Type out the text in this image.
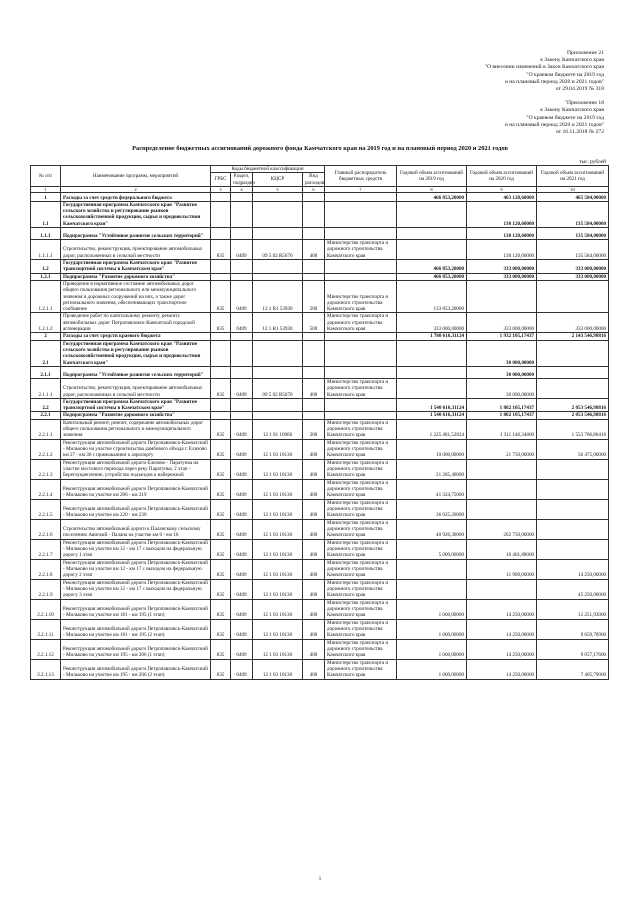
Приложение 21
к Закону Камчатского края
"О внесении изменений в Закон Камчатского края
"О краевом бюджете на 2019 год
и на плановый период 2020 и 2021 годов"
от 29.04.2019 № 318
"Приложение 18
к Закону Камчатского края
"О краевом бюджете на 2019 год
и на плановый период 2020 и 2021 годов"
от 16.11.2018 № 272
Распределение бюджетных ассигнований дорожного фонда Камчатского края на 2019 год и на плановый период 2020 и 2021 годов
тыс. рублей
№ п/п	Наименование программ, мероприятий	Коды бюджетной классификации				Главный распорядитель бюджетных средств	Годовой объем ассигнований на 2019 год	Годовой объем ассигнований на 2020 год	Годовой объем ассигнований на 2021 год
		ГРБС	Раздел, подраздел	КЦСР	Вид расходов				
1	2	3	4	5	6	7	8	9	10
1	Расходы за счет средств федерального бюджета						466 853,20000	463 120,60000	465 584,00000
1.1	Государственная программа Камчатского края "Развитие сельского хозяйства и регулирование рынков сельскохозяйственной продукции, сырья и продовольствия Камчатского края"							130 120,60000	135 584,00000
1.1.1	Подпрограмма "Устойчивое развитие сельских территорий"							130 120,60000	135 584,00000
1.1.1.1	Строительство, реконструкция, проектирование автомобильных дорог, расположенных в сельской местности	835	0409	09 5 02 R5670	400	Министерство транспорта и дорожного строительства Камчатского края		130 120,60000	135 584,00000
1.2	Государственная программа Камчатского края "Развитие транспортной системы в Камчатском крае"						466 853,20000	333 000,00000	333 000,00000
1.2.1	Подпрограмма "Развитие дорожного хозяйства"						466 853,20000	333 000,00000	333 000,00000
1.2.1.1	Приведение в нормативное состояние автомобильных дорог общего пользования регионального или межмуниципального значения и дорожных сооружений на них, а также дорог регионального значения, обеспечивающих транспортное сообщение	835	0409	12 1 R1 53930	200	Министерство транспорта и дорожного строительства Камчатского края	133 853,20000		
1.2.1.2	Проведение работ по капитальному ремонту, ремонту автомобильных дорог Петропавловск-Камчатской городской агломерации	835	0409	12 1 R1 53930	500	Министерство транспорта и дорожного строительства Камчатского края	333 000,00000	333 000,00000	333 000,00000
2	Расходы за счет средств краевого бюджета						1 780 616,31124	1 932 105,17437	2 143 546,98816
2.1	Государственная программа Камчатского края "Развитие сельского хозяйства и регулирование рынков сельскохозяйственной продукции, сырья и продовольствия Камчатского края"							30 000,00000	
2.1.1	Подпрограмма "Устойчивое развитие сельских территорий"							30 000,00000	
2.1.1.1	Строительство, реконструкция, проектирование автомобильных дорог, расположенных в сельской местности	835	0409	09 5 02 R5670	400	Министерство транспорта и дорожного строительства Камчатского края		30 000,00000	
2.2	Государственная программа Камчатского края "Развитие транспортной системы в Камчатском крае"						1 540 616,31124	1 802 105,17437	2 053 546,98816
2.2.1	Подпрограмма "Развитие дорожного хозяйства"						1 540 616,31124	1 802 105,17437	2 053 546,98816
2.2.1.1	Капитальный ремонт, ремонт, содержание автомобильных дорог общего пользования регионального и межмуниципального значения	835	0409	12 1 01 10960	200	Министерство транспорта и дорожного строительства Камчатского края	1 225 481,52824	1 311 146,34800	1 553 786,86416
2.2.1.2	Реконструкция автомобильной дороги Петропавловск-Камчатский - Мильково на участке строительства дамбового обхода г. Елизово км 27 - км 30 с примыканием к аэропорту	835	0409	12 1 03 10130	400	Министерство транспорта и дорожного строительства Камчатского края	10 000,00000	21 750,00000	56 475,00000
2.2.1.3	Реконструкция автомобильной дороги Елизово - Паратунка на участке мостового перехода через реку Паратунка, 2 этап - Берегоукрепление, устройство подъездов к набережной	835	0409	12 1 03 10130	400	Министерство транспорта и дорожного строительства Камчатского края	21 285,40000		
2.2.1.4	Реконструкция автомобильной дороги Петропавловск-Камчатский - Мильково на участке км 206 - км 219	835	0409	12 1 03 10130	400	Министерство транспорта и дорожного строительства Камчатского края	41 324,75000		
2.2.1.5	Реконструкция автомобильной дороги Петропавловск-Камчатский - Мильково на участке км 220 - км 230	835	0409	12 1 03 10130	400	Министерство транспорта и дорожного строительства Камчатского края	36 025,20000		
2.2.1.6	Строительство автомобильной дороги к Паланскому сельскому поселению Аянский - Палана на участке км 0 - км 16	835	0409	12 1 03 10130	400	Министерство транспорта и дорожного строительства Камчатского края	40 926,30000	202 750,00000	
2.2.1.7	Реконструкция автомобильной дороги Петропавловск-Камчатский - Мильково на участке км 12 - км 17 с выходом на федеральную дорогу 1 этап	835	0409	12 1 03 10130	400	Министерство транспорта и дорожного строительства Камчатского края	5 000,00000	10 461,88000	
2.2.1.8	Реконструкция автомобильной дороги Петропавловск-Камчатский - Мильково на участке км 12 - км 17 с выходом на федеральную дорогу 2 этап	835	0409	12 1 03 10130	400	Министерство транспорта и дорожного строительства Камчатского края		11 900,00000	14 250,00000
2.2.1.9	Реконструкция автомобильной дороги Петропавловск-Камчатский - Мильково на участке км 12 - км 17 с выходом на федеральную дорогу 3 этап	835	0409	12 1 03 10130	400	Министерство транспорта и дорожного строительства Камчатского края			45 250,00000
2.2.1.10	Реконструкция автомобильной дороги Петропавловск-Камчатский - Мильково на участке км 181 - км 195 (1 этап)	835	0409	12 1 03 10130	400	Министерство транспорта и дорожного строительства Камчатского края	1 000,00000	14 250,00000	12 251,93000
2.2.1.11	Реконструкция автомобильной дороги Петропавловск-Камчатский - Мильково на участке км 181 - км 195 (2 этап)	835	0409	12 1 03 10130	400	Министерство транспорта и дорожного строительства Камчатского края	1 000,00000	14 250,00000	9 659,78900
2.2.1.12	Реконструкция автомобильной дороги Петропавловск-Камчатский - Мильково на участке км 195 - км 206 (1 этап)	835	0409	12 1 03 10130	400	Министерство транспорта и дорожного строительства Камчатского края	1 000,00000	14 250,00000	9 057,17600
2.2.1.13	Реконструкция автомобильной дороги Петропавловск-Камчатский - Мильково на участке км 195 - км 206 (2 этап)	835	0409	12 1 03 10130	400	Министерство транспорта и дорожного строительства Камчатского края	1 000,00000	14 250,00000	7 405,79000
1
